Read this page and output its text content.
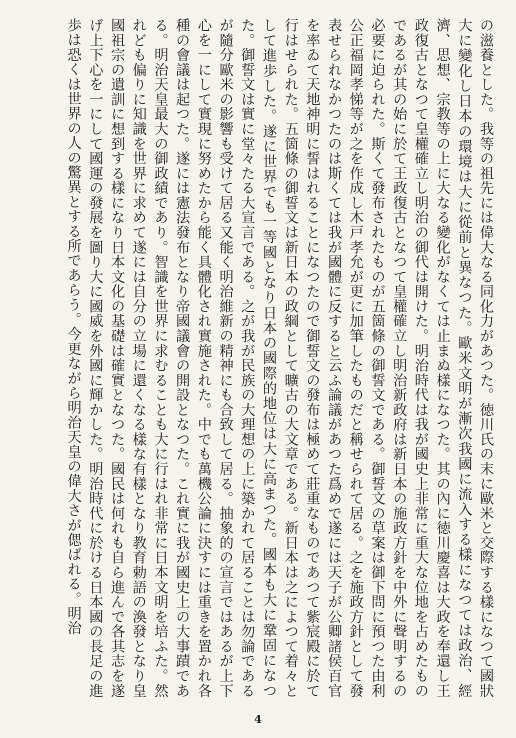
の滋養とした。我等の祖先には偉大なる同化力があつた。徳川氏の末に歐米と交際する樣になつて國狀大に變化し日本の環境は大に從前と異なつた。歐米文明が漸次我國に流入する樣になつては政治、經濟、思想、宗教等の上に大なる變化がなくては止まぬ樣になつた。其の內に徳川慶喜は大政を奉還し王政復古となつて皇權確立し明治の御代は開けた。明治時代は我が國史上非常に重大な位地を占めたものであるが其の始に於て王政復古となつて皇權確立し明治新政府は新日本の施政方針を中外に聲明するの必要に迫られた。斯くて發布されたものが五箇條の御誓文である。御誓文の草案は御下問に預つた由利公正福岡孝悌等が之を作成し木戸孝允が更に加筆したものだと稱せられて居る。之を施政方針として發表せられなかつたのは斯くては我が國體に反すると云ふ論議があつた爲めで遂には天子が公卿諸侯百官を率ゐて天地神明に誓はれることになつたので御誓文の發布は極めて莊重なものであつて紫宸殿に於て行はせられた。五箇條の御誓文は新日本の政綱として曠古の大文章である。新日本は之によつて着々として進歩した。遂に世界でも一等國となり日本の國際的地位は大に高まつた。國本も大に鞏固になつた。御誓文は實に堂々たる大宣言である。之が我が民族の大理想の上に築かれて居ることは勿論であるが隨分歐米の影響も受けて居る又能く明治維新の精神にも合致して居る。抽象的の宣言ではあるが上下心を一にして實現に努めたから能く具體化され實施された。中でも萬機公論に決すには重きを置かれ各種の會議は起つた。遂には憲法發布となり帝國議會の開設となつた。これ實に我が國史上の大事蹟である。明治天皇最大の御政績であり。智識を世界に求むることも大に行はれ非常に日本文明を培ふた。然れども偏りに知識を世界に求めて遂には自分の立場に還くなる樣な有樣となり教育勅語の渙發となり皇國祖宗の遺訓に想到する樣になり日本文化の基礎は確實となつた。國民は何れも自ら進んで各其志を遂げ上下心を一にして國運の發展を圖り大に國威を外國に輝かした。明治時代に於ける日本國の長足の進歩は恐くは世界の人の驚異とする所であらう。今更ながら明治天皇の偉大さが偲ばれる。明治

4
